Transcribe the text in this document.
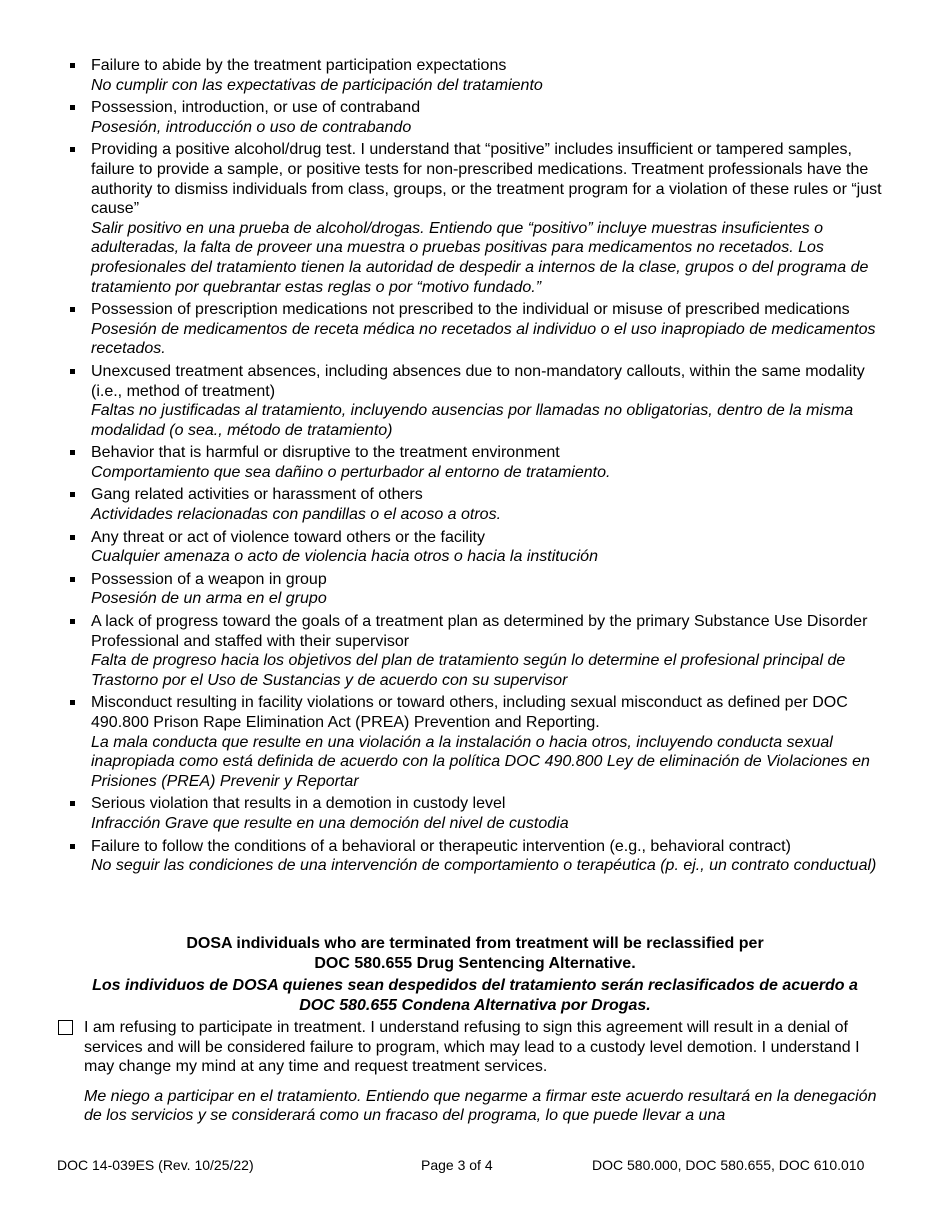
Failure to abide by the treatment participation expectations
No cumplir con las expectativas de participación del tratamiento
Possession, introduction, or use of contraband
Posesión, introducción o uso de contrabando
Providing a positive alcohol/drug test. I understand that “positive” includes insufficient or tampered samples, failure to provide a sample, or positive tests for non-prescribed medications. Treatment professionals have the authority to dismiss individuals from class, groups, or the treatment program for a violation of these rules or “just cause”
Salir positivo en una prueba de alcohol/drogas. Entiendo que “positivo” incluye muestras insuficientes o adulteradas, la falta de proveer una muestra o pruebas positivas para medicamentos no recetados. Los profesionales del tratamiento tienen la autoridad de despedir a internos de la clase, grupos o del programa de tratamiento por quebrantar estas reglas o por “motivo fundado.”
Possession of prescription medications not prescribed to the individual or misuse of prescribed medications
Posesión de medicamentos de receta médica no recetados al individuo o el uso inapropiado de medicamentos recetados.
Unexcused treatment absences, including absences due to non-mandatory callouts, within the same modality (i.e., method of treatment)
Faltas no justificadas al tratamiento, incluyendo ausencias por llamadas no obligatorias, dentro de la misma modalidad (o sea., método de tratamiento)
Behavior that is harmful or disruptive to the treatment environment
Comportamiento que sea dañino o perturbador al entorno de tratamiento.
Gang related activities or harassment of others
Actividades relacionadas con pandillas o el acoso a otros.
Any threat or act of violence toward others or the facility
Cualquier amenaza o acto de violencia hacia otros o hacia la institución
Possession of a weapon in group
Posesión de un arma en el grupo
A lack of progress toward the goals of a treatment plan as determined by the primary Substance Use Disorder Professional and staffed with their supervisor
Falta de progreso hacia los objetivos del plan de tratamiento según lo determine el profesional principal de Trastorno por el Uso de Sustancias y de acuerdo con su supervisor
Misconduct resulting in facility violations or toward others, including sexual misconduct as defined per DOC 490.800 Prison Rape Elimination Act (PREA) Prevention and Reporting.
La mala conducta que resulte en una violación a la instalación o hacia otros, incluyendo conducta sexual inapropiada como está definida de acuerdo con la política DOC 490.800 Ley de eliminación de Violaciones en Prisiones (PREA) Prevenir y Reportar
Serious violation that results in a demotion in custody level
Infracción Grave que resulte en una democión del nivel de custodia
Failure to follow the conditions of a behavioral or therapeutic intervention (e.g., behavioral contract)
No seguir las condiciones de una intervención de comportamiento o terapéutica (p. ej., un contrato conductual)
DOSA individuals who are terminated from treatment will be reclassified per
DOC 580.655 Drug Sentencing Alternative.
Los individuos de DOSA quienes sean despedidos del tratamiento serán reclasificados de acuerdo a
DOC 580.655 Condena Alternativa por Drogas.
I am refusing to participate in treatment. I understand refusing to sign this agreement will result in a denial of services and will be considered failure to program, which may lead to a custody level demotion. I understand I may change my mind at any time and request treatment services.
Me niego a participar en el tratamiento. Entiendo que negarme a firmar este acuerdo resultará en la denegación de los servicios y se considerará como un fracaso del programa, lo que puede llevar a una
DOC 14-039ES (Rev. 10/25/22)	Page 3 of 4	DOC 580.000, DOC 580.655, DOC 610.010
